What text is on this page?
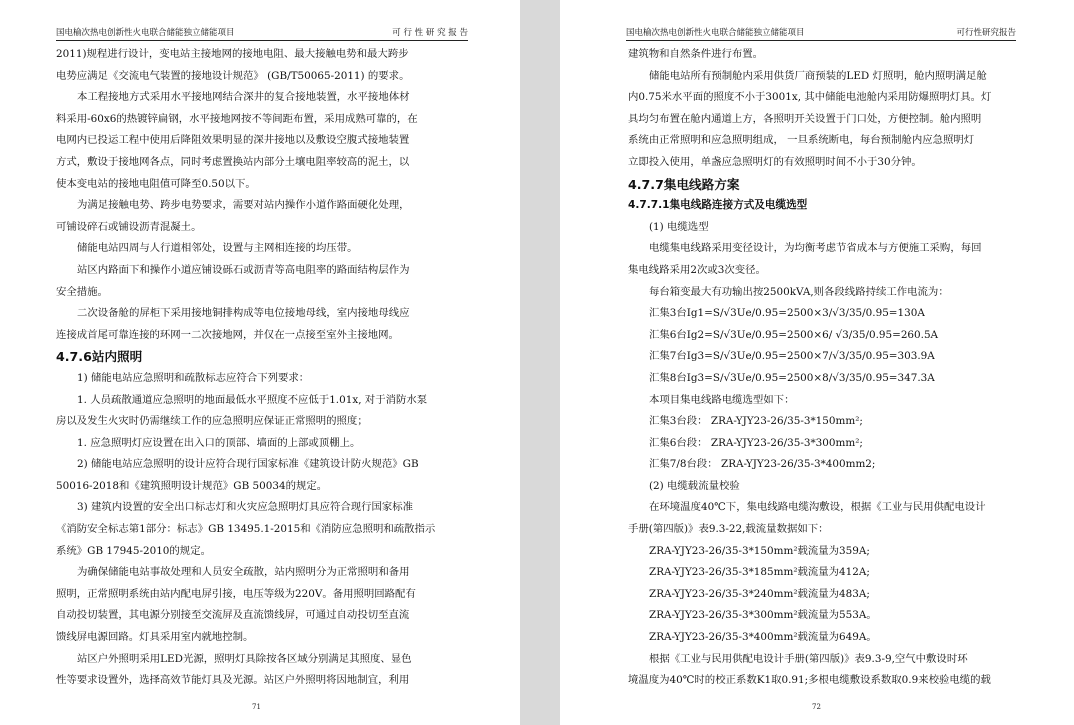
国电榆次热电创新性火电联合储能独立储能项目	可 行 性 研 究 报 告
2011)规程进行设计，变电站主接地网的接地电阻、最大接触电势和最大跨步
电势应满足《交流电气装置的接地设计规范》 (GB/T50065-2011) 的要求。
本工程接地方式采用水平接地网结合深井的复合接地装置，水平接地体材
料采用-60x6的热镀锌扁钢，水平接地网按不等间距布置，采用成熟可靠的，在
电网内已投运工程中使用后降阻效果明显的深井接地以及敷设空腹式接地装置
方式，敷设于接地网各点，同时考虑置换站内部分土壤电阻率较高的泥土，以
使本变电站的接地电阻值可降至0.50以下。
为满足接触电势、跨步电势要求，需要对站内操作小道作路面硬化处理，
可铺设碎石或铺设沥青混凝土。
储能电站四周与人行道相邻处，设置与主网相连接的均压带。
站区内路面下和操作小道应铺设砾石或沥青等高电阻率的路面结构层作为
安全措施。
二次设备舱的屏柜下采用接地铜排构成等电位接地母线，室内接地母线应
连接成首尾可靠连接的环网一二次接地网，并仅在一点接至室外主接地网。
4.7.6站内照明
1) 储能电站应急照明和疏散标志应符合下列要求：
1. 人员疏散通道应急照明的地面最低水平照度不应低于1.01x, 对于消防水泵
房以及发生火灾时仍需继续工作的应急照明应保证正常照明的照度；
1. 应急照明灯应设置在出入口的顶部、墙面的上部或顶棚上。
2) 储能电站应急照明的设计应符合现行国家标准《建筑设计防火规范》GB
50016-2018和《建筑照明设计规范》GB 50034的规定。
3) 建筑内设置的安全出口标志灯和火灾应急照明灯具应符合现行国家标准
《消防安全标志第1部分：标志》GB 13495.1-2015和《消防应急照明和疏散指示
系统》GB 17945-2010的规定。
为确保储能电站事故处理和人员安全疏散，站内照明分为正常照明和备用
照明，正常照明系统由站内配电屏引接，电压等级为220V。备用照明回路配有
自动投切装置，其电源分别接至交流屏及直流馈线屏，可通过自动投切至直流
馈线屏电源回路。灯具采用室内就地控制。
站区户外照明采用LED光源，照明灯具除按各区域分别满足其照度、显色
性等要求设置外，选择高效节能灯具及光源。站区户外照明将因地制宜，利用
71
国电榆次热电创新性火电联合储能独立储能项目	可行性研究报告
建筑物和自然条件进行布置。
储能电站所有预制舱内采用供货厂商预装的LED 灯照明，舱内照明满足舱
内0.75米水平面的照度不小于3001x, 其中储能电池舱内采用防爆照明灯具。灯
具均匀布置在舱内通道上方，各照明开关设置于门口处，方便控制。舱内照明
系统由正常照明和应急照明组成， 一旦系统断电，每台预制舱内应急照明灯
立即投入使用，单盏应急照明灯的有效照明时间不小于30分钟。
4.7.7集电线路方案
4.7.7.1集电线路连接方式及电缆选型
(1) 电缆选型
电缆集电线路采用变径设计，为均衡考虑节省成本与方便施工采购，每回
集电线路采用2次或3次变径。
每台箱变最大有功输出按2500kVA,则各段线路持续工作电流为：
汇集3台Ig1=S/√3Ue/0.95=2500×3/√3/35/0.95=130A
汇集6台Ig2=S/√3Ue/0.95=2500×6/ √3/35/0.95=260.5A
汇集7台Ig3=S/√3Ue/0.95=2500×7/√3/35/0.95=303.9A
汇集8台Ig3=S/√3Ue/0.95=2500×8/√3/35/0.95=347.3A
本项目集电线路电缆选型如下：
汇集3台段： ZRA-YJY23-26/35-3*150mm²;
汇集6台段： ZRA-YJY23-26/35-3*300mm²;
汇集7/8台段： ZRA-YJY23-26/35-3*400mm2;
(2) 电缆载流量校验
在环境温度40℃下，集电线路电缆沟敷设，根据《工业与民用供配电设计
手册(第四版)》表9.3-22,载流量数据如下：
ZRA-YJY23-26/35-3*150mm²载流量为359A;
ZRA-YJY23-26/35-3*185mm²载流量为412A;
ZRA-YJY23-26/35-3*240mm²载流量为483A;
ZRA-YJY23-26/35-3*300mm²载流量为553A。
ZRA-YJY23-26/35-3*400mm²载流量为649A。
根据《工业与民用供配电设计手册(第四版)》表9.3-9,空气中敷设时环
境温度为40℃时的校正系数K1取0.91;多根电缆敷设系数取0.9来校验电缆的载
72
